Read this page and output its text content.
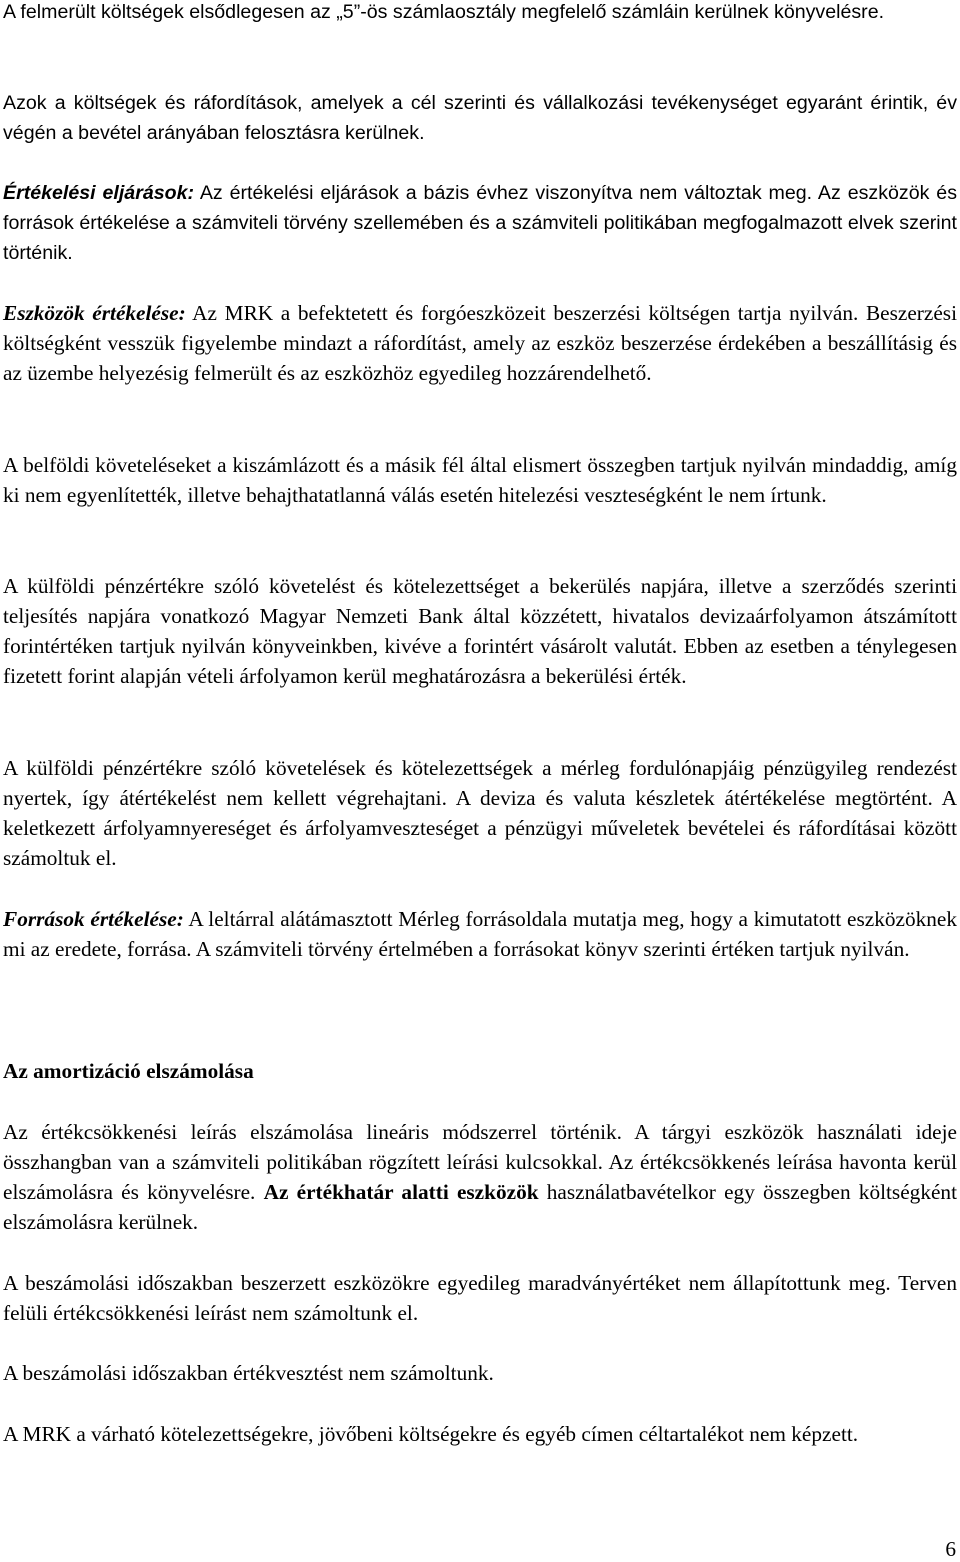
A felmerült költségek elsődlegesen az „5”-ös számlaosztály megfelelő számláin kerülnek könyvelésre.

Azok a költségek és ráfordítások, amelyek a cél szerinti és vállalkozási tevékenységet egyaránt érintik, év végén a bevétel arányában felosztásra kerülnek.

Értékelési eljárások: Az értékelési eljárások a bázis évhez viszonyítva nem változtak meg. Az eszközök és források értékelése a számviteli törvény szellemében és a számviteli politikában megfogalmazott elvek szerint történik.

Eszközök értékelése: Az MRK a befektetett és forgóeszközeit beszerzési költségen tartja nyilván. Beszerzési költségként vesszük figyelembe mindazt a ráfordítást, amely az eszköz beszerzése érdekében a beszállításig és az üzembe helyezésig felmerült és az eszközhöz egyedileg hozzárendelhető.

A belföldi követeléseket a kiszámlázott és a másik fél által elismert összegben tartjuk nyilván mindaddig, amíg ki nem egyenlítették, illetve behajthatatlanná válás esetén hitelezési veszteségként le nem írtunk.

A külföldi pénzértékre szóló követelést és kötelezettséget a bekerülés napjára, illetve a szerződés szerinti teljesítés napjára vonatkozó Magyar Nemzeti Bank által közzétett, hivatalos devizaárfolyamon átszámított forintértéken tartjuk nyilván könyveinkben, kivéve a forintért vásárolt valutát. Ebben az esetben a ténylegesen fizetett forint alapján vételi árfolyamon kerül meghatározásra a bekerülési érték.

A külföldi pénzértékre szóló követelések és kötelezettségek a mérleg fordulónapjáig pénzügyileg rendezést nyertek, így átértékelést nem kellett végrehajtani. A deviza és valuta készletek átértékelése megtörtént. A keletkezett árfolyamnyereséget és árfolyamveszteséget a pénzügyi műveletek bevételei és ráfordításai között számoltuk el.

Források értékelése: A leltárral alátámasztott Mérleg forrásoldala mutatja meg, hogy a kimutatott eszközöknek mi az eredete, forrása. A számviteli törvény értelmében a forrásokat könyv szerinti értéken tartjuk nyilván.

Az amortizáció elszámolása

Az értékcsökkenési leírás elszámolása lineáris módszerrel történik. A tárgyi eszközök használati ideje összhangban van a számviteli politikában rögzített leírási kulcsokkal. Az értékcsökkenés leírása havonta kerül elszámolásra és könyvelésre. Az értékhatár alatti eszközök használatbavételkor egy összegben költségként elszámolásra kerülnek.

A beszámolási időszakban beszerzett eszközökre egyedileg maradványértéket nem állapítottunk meg. Terven felüli értékcsökkenési leírást nem számoltunk el.

A beszámolási időszakban értékvesztést nem számoltunk.

A MRK a várható kötelezettségekre, jövőbeni költségekre és egyéb címen céltartalékot nem képzett.

6
